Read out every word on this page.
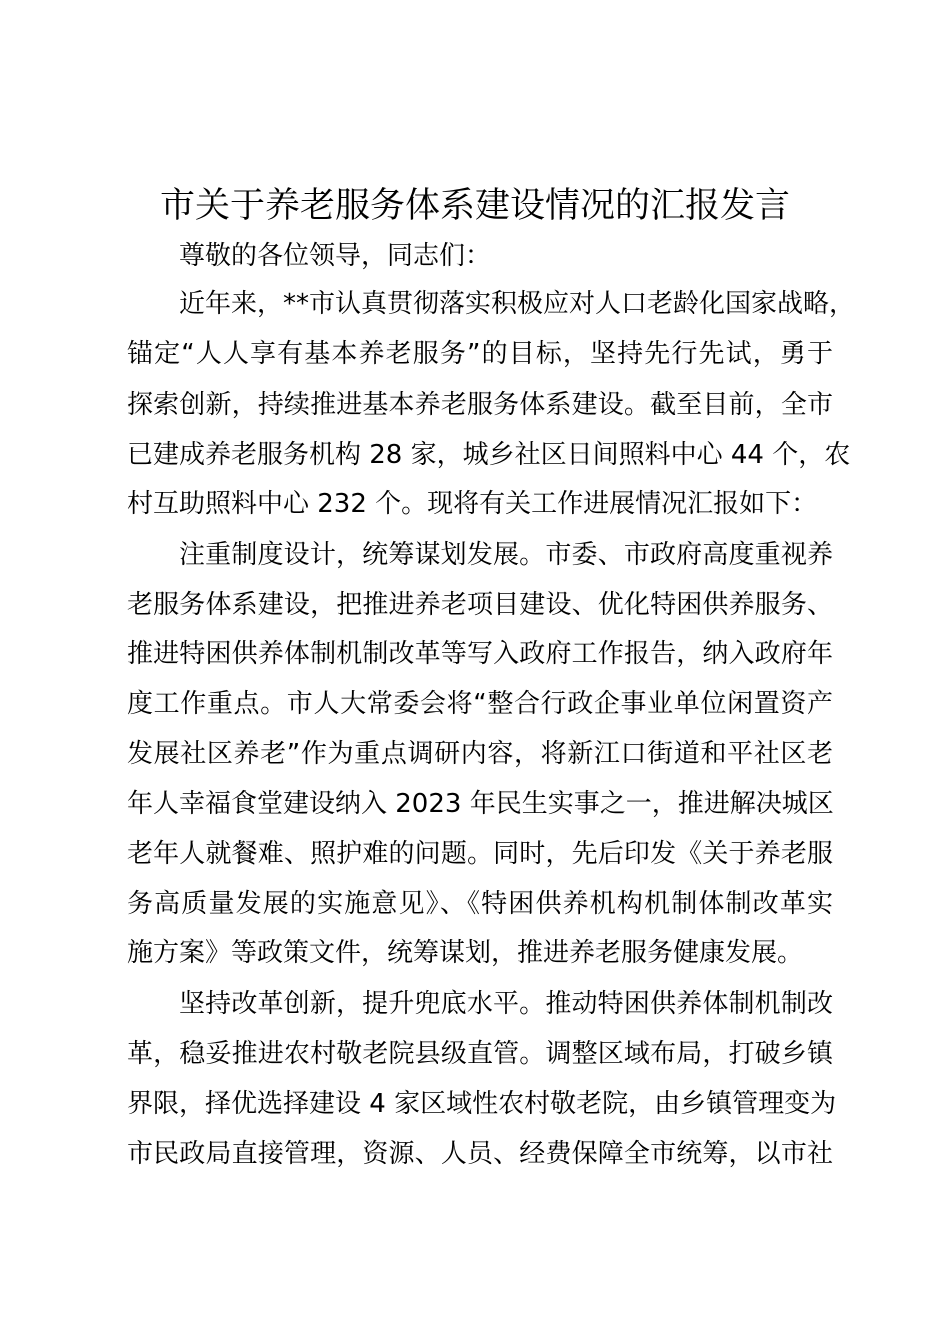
市关于养老服务体系建设情况的汇报发言

尊敬的各位领导，同志们：

近年来，**市认真贯彻落实积极应对人口老龄化国家战略，

锚定“人人享有基本养老服务”的目标，坚持先行先试，勇于

探索创新，持续推进基本养老服务体系建设。截至目前，全市

已建成养老服务机构 28 家，城乡社区日间照料中心 44 个，农

村互助照料中心 232 个。现将有关工作进展情况汇报如下：

注重制度设计，统筹谋划发展。市委、市政府高度重视养

老服务体系建设，把推进养老项目建设、优化特困供养服务、

推进特困供养体制机制改革等写入政府工作报告，纳入政府年

度工作重点。市人大常委会将“整合行政企事业单位闲置资产

发展社区养老”作为重点调研内容，将新江口街道和平社区老

年人幸福食堂建设纳入 2023 年民生实事之一，推进解决城区

老年人就餐难、照护难的问题。同时，先后印发《关于养老服

务高质量发展的实施意见》、《特困供养机构机制体制改革实

施方案》等政策文件，统筹谋划，推进养老服务健康发展。

坚持改革创新，提升兜底水平。推动特困供养体制机制改

革，稳妥推进农村敬老院县级直管。调整区域布局，打破乡镇

界限，择优选择建设 4 家区域性农村敬老院，由乡镇管理变为

市民政局直接管理，资源、人员、经费保障全市统筹，以市社
